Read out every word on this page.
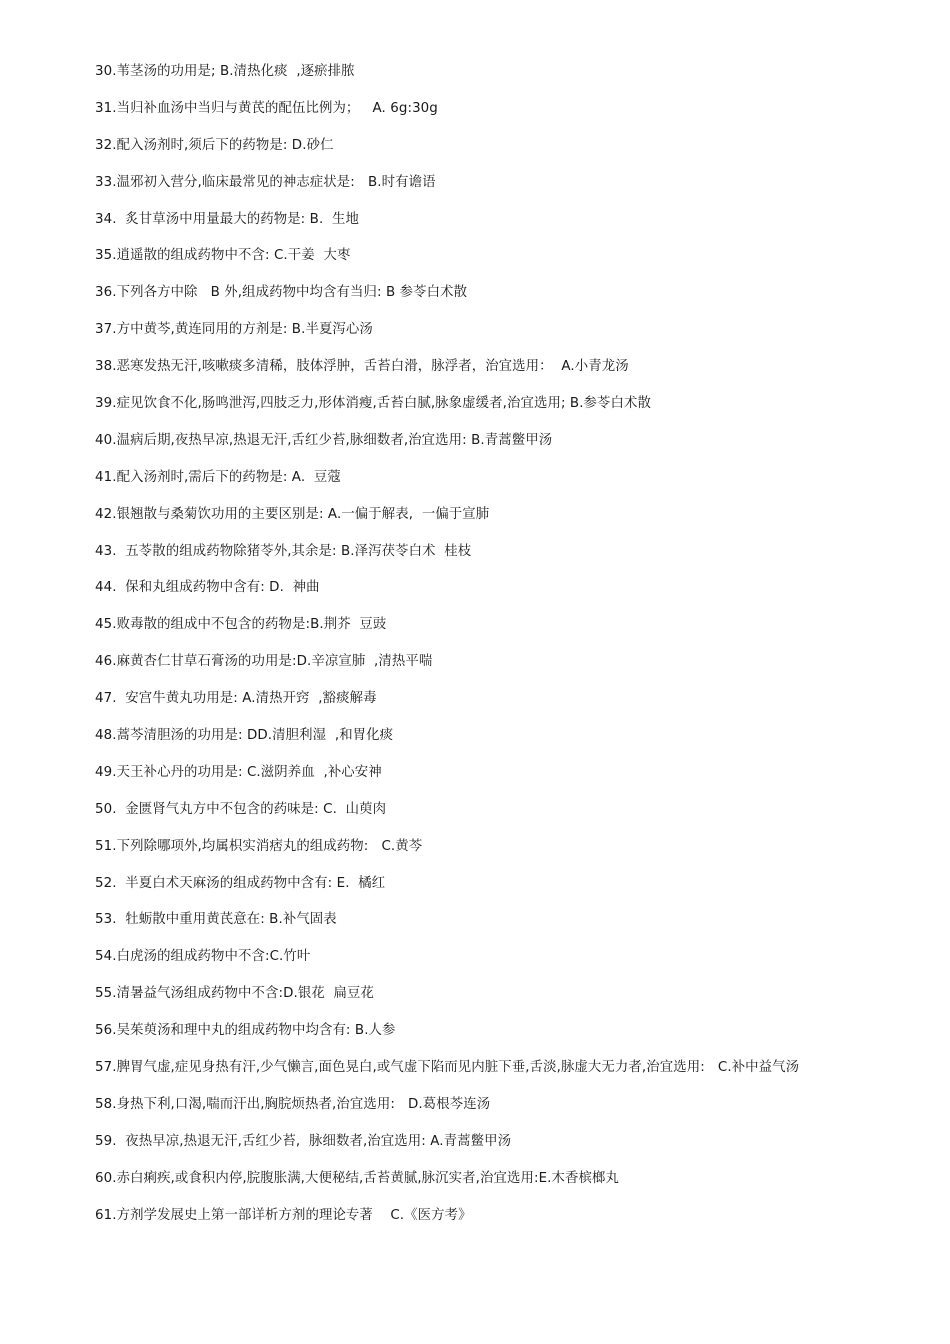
30.苇茎汤的功用是; B.清热化痰  ,逐瘀排脓
31.当归补血汤中当归与黄芪的配伍比例为；   A. 6g:30g
32.配入汤剂时,须后下的药物是: D.砂仁
33.温邪初入营分,临床最常见的神志症状是:   B.时有谵语
34.  炙甘草汤中用量最大的药物是: B.  生地
35.逍遥散的组成药物中不含: C.干姜  大枣
36.下列各方中除   B 外,组成药物中均含有当归: B 参苓白术散
37.方中黄芩,黄连同用的方剂是: B.半夏泻心汤
38.恶寒发热无汗,咳嗽痰多清稀，肢体浮肿，舌苔白滑，脉浮者，治宜选用：  A.小青龙汤
39.症见饮食不化,肠鸣泄泻,四肢乏力,形体消瘦,舌苔白腻,脉象虚缓者,治宜选用; B.参苓白术散
40.温病后期,夜热早凉,热退无汗,舌红少苔,脉细数者,治宜选用: B.青蒿鳖甲汤
41.配入汤剂时,需后下的药物是: A.  豆蔻
42.银翘散与桑菊饮功用的主要区别是: A.一偏于解表,  一偏于宣肺
43.  五苓散的组成药物除猪苓外,其余是: B.泽泻茯苓白术  桂枝
44.  保和丸组成药物中含有: D.  神曲
45.败毒散的组成中不包含的药物是:B.荆芥  豆豉
46.麻黄杏仁甘草石膏汤的功用是:D.辛凉宣肺  ,清热平喘
47.  安宫牛黄丸功用是: A.清热开窍  ,豁痰解毒
48.蒿芩清胆汤的功用是: DD.清胆利湿  ,和胃化痰
49.天王补心丹的功用是: C.滋阴养血  ,补心安神
50.  金匮肾气丸方中不包含的药味是: C.  山萸肉
51.下列除哪项外,均属枳实消痞丸的组成药物:   C.黄芩
52.  半夏白术天麻汤的组成药物中含有: E.  橘红
53.  牡蛎散中重用黄芪意在: B.补气固表
54.白虎汤的组成药物中不含:C.竹叶
55.清暑益气汤组成药物中不含:D.银花  扁豆花
56.吴茱萸汤和理中丸的组成药物中均含有: B.人参
57.脾胃气虚,症见身热有汗,少气懒言,面色晃白,或气虚下陷而见内脏下垂,舌淡,脉虚大无力者,治宜选用:   C.补中益气汤
58.身热下利,口渴,喘而汗出,胸脘烦热者,治宜选用:   D.葛根芩连汤
59.  夜热早凉,热退无汗,舌红少苔,  脉细数者,治宜选用: A.青蒿鳖甲汤
60.赤白痢疾,或食积内停,脘腹胀满,大便秘结,舌苔黄腻,脉沉实者,治宜选用:E.木香槟榔丸
61.方剂学发展史上第一部详析方剂的理论专著    C.《医方考》
